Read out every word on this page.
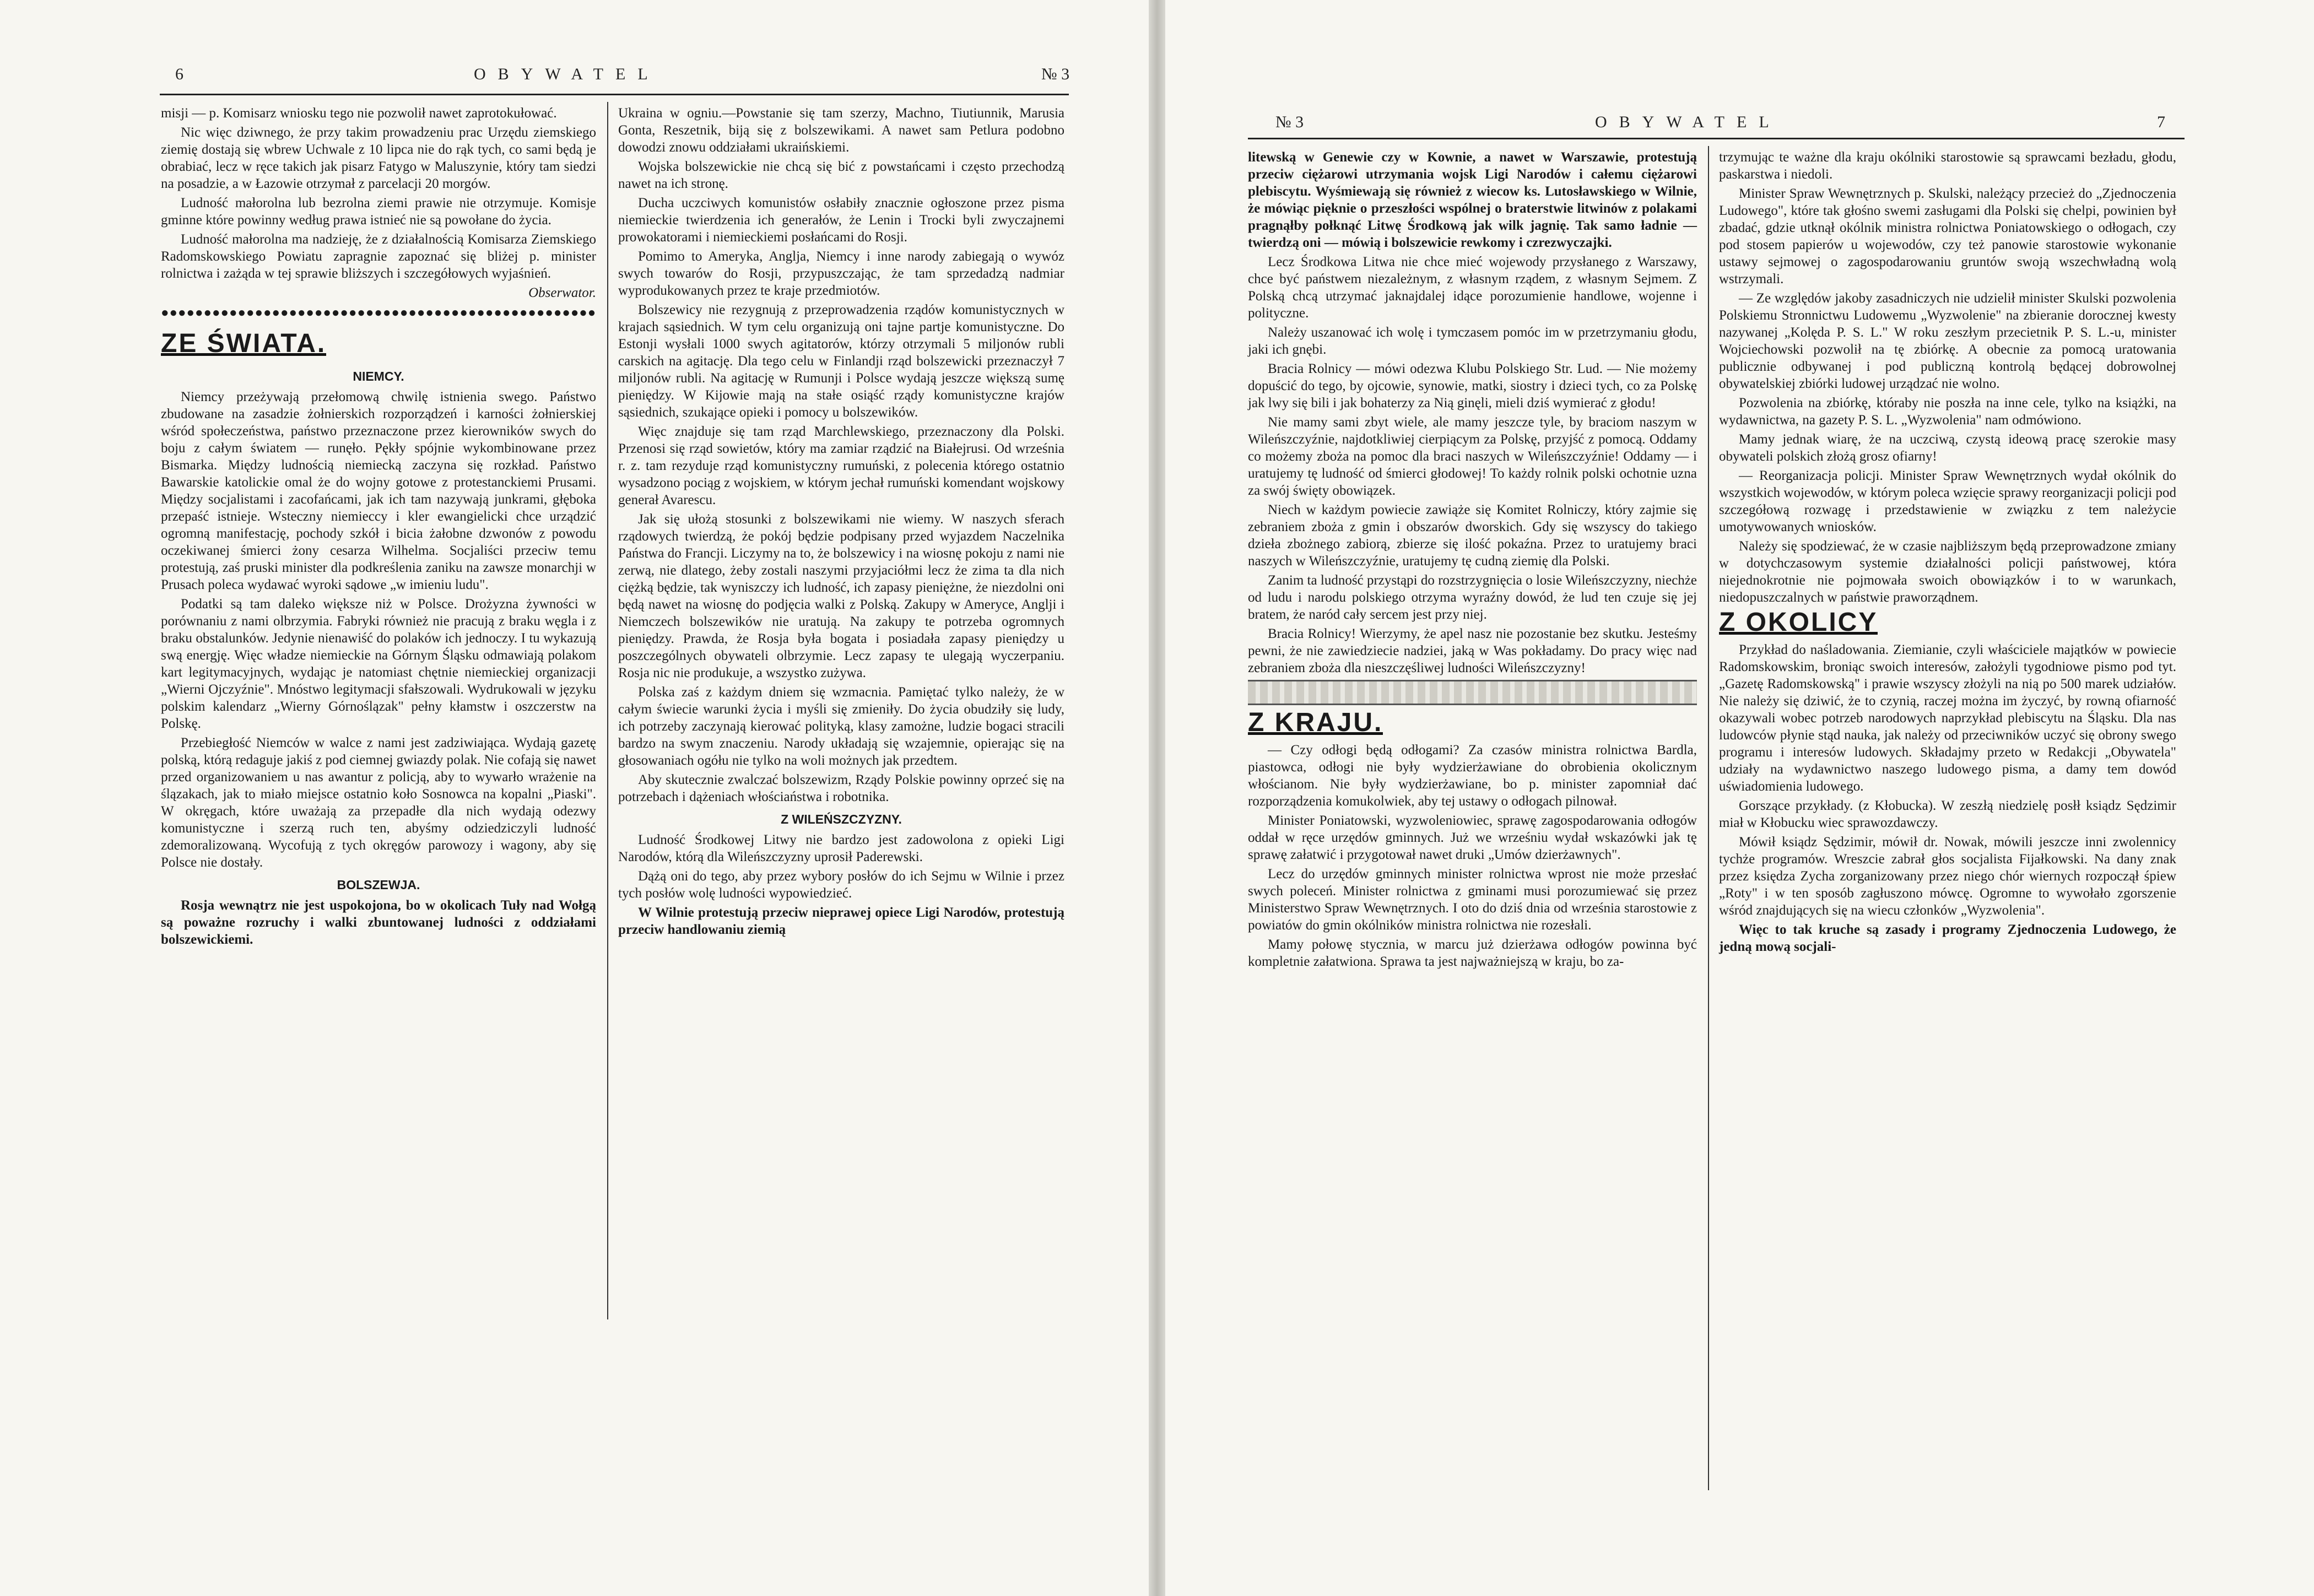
6	OBYWATEL	№ 3

misji — p. Komisarz wniosku tego nie pozwolił nawet zaprotokułować.

Nic więc dziwnego, że przy takim prowadzeniu prac Urzędu ziemskiego ziemię dostają się wbrew Uchwale z 10 lipca nie do rąk tych, co sami będą je obrabiać, lecz w ręce takich jak pisarz Fatygo w Maluszynie, który tam siedzi na posadzie, a w Łazowie otrzymał z parcelacji 20 morgów.

Ludność małorolna lub bezrolna ziemi prawie nie otrzymuje. Komisje gminne które powinny według prawa istnieć nie są powołane do życia.

Ludność małorolna ma nadzieję, że z działalnością Komisarza Ziemskiego Radomskowskiego Powiatu zapragnie zapoznać się bliżej p. minister rolnictwa i zażąda w tej sprawie bliższych i szczegółowych wyjaśnień.

Obserwator.
●●●●●●●●●●●●●●●●●●●●●●●●●●●●●●●●●●●●●●●●●●●●●●●●●●●
ZE ŚWIATA.
NIEMCY.

Niemcy przeżywają przełomową chwilę istnienia swego. Państwo zbudowane na zasadzie żołnierskich rozporządzeń i karności żołnierskiej wśród społeczeństwa, państwo przeznaczone przez kierowników swych do boju z całym światem — runęło. Pękły spójnie wykombinowane przez Bismarka. Między ludnością niemiecką zaczyna się rozkład. Państwo Bawarskie katolickie omal że do wojny gotowe z protestanckiemi Prusami. Między socjalistami i zacofańcami, jak ich tam nazywają junkrami, głęboka przepaść istnieje. Wsteczny niemieccy i kler ewangielicki chce urządzić ogromną manifestację, pochody szkół i bicia żałobne dzwonów z powodu oczekiwanej śmierci żony cesarza Wilhelma. Socjaliści przeciw temu protestują, zaś pruski minister dla podkreślenia zaniku na zawsze monarchji w Prusach poleca wydawać wyroki sądowe „w imieniu ludu".

Podatki są tam daleko większe niż w Polsce. Drożyzna żywności w porównaniu z nami olbrzymia. Fabryki również nie pracują z braku węgla i z braku obstalunków. Jedynie nienawiść do polaków ich jednoczy. I tu wykazują swą energję. Więc władze niemieckie na Górnym Śląsku odmawiają polakom kart legitymacyjnych, wydając je natomiast chętnie niemieckiej organizacji „Wierni Ojczyźnie". Mnóstwo legitymacji sfałszowali. Wydrukowali w języku polskim kalendarz „Wierny Górnoślązak" pełny kłamstw i oszczerstw na Polskę.

Przebiegłość Niemców w walce z nami jest zadziwiająca. Wydają gazetę polską, którą redaguje jakiś z pod ciemnej gwiazdy polak. Nie cofają się nawet przed organizowaniem u nas awantur z policją, aby to wywarło wrażenie na ślązakach, jak to miało miejsce ostatnio koło Sosnowca na kopalni „Piaski". W okręgach, które uważają za przepadłe dla nich wydają odezwy komunistyczne i szerzą ruch ten, abyśmy odziedziczyli ludność zdemoralizowaną. Wycofują z tych okręgów parowozy i wagony, aby się Polsce nie dostały.

BOLSZEWJA.

Rosja wewnątrz nie jest uspokojona, bo w okolicach Tuły nad Wołgą są poważne rozruchy i walki zbuntowanej ludności z oddziałami bolszewickiemi.

Ukraina w ogniu.—Powstanie się tam szerzy, Machno, Tiutiunnik, Marusia Gonta, Reszetnik, biją się z bolszewikami. A nawet sam Petlura podobno dowodzi znowu oddziałami ukraińskiemi.

Wojska bolszewickie nie chcą się bić z powstańcami i często przechodzą nawet na ich stronę.

Ducha uczciwych komunistów osłabiły znacznie ogłoszone przez pisma niemieckie twierdzenia ich generałów, że Lenin i Trocki byli zwyczajnemi prowokatorami i niemieckiemi posłańcami do Rosji.

Pomimo to Ameryka, Anglja, Niemcy i inne narody zabiegają o wywóz swych towarów do Rosji, przypuszczając, że tam sprzedadzą nadmiar wyprodukowanych przez te kraje przedmiotów.

Bolszewicy nie rezygnują z przeprowadzenia rządów komunistycznych w krajach sąsiednich. W tym celu organizują oni tajne partje komunistyczne. Do Estonji wysłali 1000 swych agitatorów, którzy otrzymali 5 miljonów rubli carskich na agitację. Dla tego celu w Finlandji rząd bolszewicki przeznaczył 7 miljonów rubli. Na agitację w Rumunji i Polsce wydają jeszcze większą sumę pieniędzy. W Kijowie mają na stałe osiąść rządy komunistyczne krajów sąsiednich, szukające opieki i pomocy u bolszewików.

Więc znajduje się tam rząd Marchlewskiego, przeznaczony dla Polski. Przenosi się rząd sowietów, który ma zamiar rządzić na Białejrusi. Od września r. z. tam rezyduje rząd komunistyczny rumuński, z polecenia którego ostatnio wysadzono pociąg z wojskiem, w którym jechał rumuński komendant wojskowy generał Avarescu.

Jak się ułożą stosunki z bolszewikami nie wiemy. W naszych sferach rządowych twierdzą, że pokój będzie podpisany przed wyjazdem Naczelnika Państwa do Francji. Liczymy na to, że bolszewicy i na wiosnę pokoju z nami nie zerwą, nie dlatego, żeby zostali naszymi przyjaciółmi lecz że zima ta dla nich ciężką będzie, tak wyniszczy ich ludność, ich zapasy pieniężne, że niezdolni oni będą nawet na wiosnę do podjęcia walki z Polską. Zakupy w Ameryce, Anglji i Niemczech bolszewików nie uratują. Na zakupy te potrzeba ogromnych pieniędzy. Prawda, że Rosja była bogata i posiadała zapasy pieniędzy u poszczególnych obywateli olbrzymie. Lecz zapasy te ulegają wyczerpaniu. Rosja nic nie produkuje, a wszystko zużywa.

Polska zaś z każdym dniem się wzmacnia. Pamiętać tylko należy, że w całym świecie warunki życia i myśli się zmieniły. Do życia obudziły się ludy, ich potrzeby zaczynają kierować polityką, klasy zamożne, ludzie bogaci stracili bardzo na swym znaczeniu. Narody układają się wzajemnie, opierając się na głosowaniach ogółu nie tylko na woli możnych jak przedtem.

Aby skutecznie zwalczać bolszewizm, Rządy Polskie powinny oprzeć się na potrzebach i dążeniach włościaństwa i robotnika.

Z WILEŃSZCZYZNY.

Ludność Środkowej Litwy nie bardzo jest zadowolona z opieki Ligi Narodów, którą dla Wileńszczyzny uprosił Paderewski.

Dążą oni do tego, aby przez wybory posłów do ich Sejmu w Wilnie i przez tych posłów wolę ludności wypowiedzieć.

W Wilnie protestują przeciw nieprawej opiece Ligi Narodów, protestują przeciw handlowaniu ziemią

№ 3	OBYWATEL	7

litewską w Genewie czy w Kownie, a nawet w Warszawie, protestują przeciw ciężarowi utrzymania wojsk Ligi Narodów i całemu ciężarowi plebiscytu. Wyśmiewają się również z wiecow ks. Lutosławskiego w Wilnie, że mówiąc pięknie o przeszłości wspólnej o braterstwie litwinów z polakami pragnąłby połknąć Litwę Środkową jak wilk jagnię. Tak samo ładnie — twierdzą oni — mówią i bolszewicie rewkomy i czrezwyczajki.

Lecz Środkowa Litwa nie chce mieć wojewody przysłanego z Warszawy, chce być państwem niezależnym, z własnym rządem, z własnym Sejmem. Z Polską chcą utrzymać jaknajdalej idące porozumienie handlowe, wojenne i polityczne.

Należy uszanować ich wolę i tymczasem pomóc im w przetrzymaniu głodu, jaki ich gnębi.

Bracia Rolnicy — mówi odezwa Klubu Polskiego Str. Lud. — Nie możemy dopuścić do tego, by ojcowie, synowie, matki, siostry i dzieci tych, co za Polskę jak lwy się bili i jak bohaterzy za Nią ginęli, mieli dziś wymierać z głodu!

Nie mamy sami zbyt wiele, ale mamy jeszcze tyle, by braciom naszym w Wileńszczyźnie, najdotkliwiej cierpiącym za Polskę, przyjść z pomocą. Oddamy co możemy zboża na pomoc dla braci naszych w Wileńszczyźnie! Oddamy — i uratujemy tę ludność od śmierci głodowej! To każdy rolnik polski ochotnie uzna za swój święty obowiązek.

Niech w każdym powiecie zawiąże się Komitet Rolniczy, który zajmie się zebraniem zboża z gmin i obszarów dworskich. Gdy się wszyscy do takiego dzieła zbożnego zabiorą, zbierze się ilość pokaźna. Przez to uratujemy braci naszych w Wileńszczyźnie, uratujemy tę cudną ziemię dla Polski.

Zanim ta ludność przystąpi do rozstrzygnięcia o losie Wileńszczyzny, niechże od ludu i narodu polskiego otrzyma wyraźny dowód, że lud ten czuje się jej bratem, że naród cały sercem jest przy niej.

Bracia Rolnicy! Wierzymy, że apel nasz nie pozostanie bez skutku. Jesteśmy pewni, że nie zawiedziecie nadziei, jaką w Was pokładamy. Do pracy więc nad zebraniem zboża dla nieszczęśliwej ludności Wileńszczyzny!

Z KRAJU.

— Czy odłogi będą odłogami? Za czasów ministra rolnictwa Bardla, piastowca, odłogi nie były wydzierżawiane do obrobienia okolicznym włościanom. Nie były wydzierżawiane, bo p. minister zapomniał dać rozporządzenia komukolwiek, aby tej ustawy o odłogach pilnował.

Minister Poniatowski, wyzwoleniowiec, sprawę zagospodarowania odłogów oddał w ręce urzędów gminnych. Już we wrześniu wydał wskazówki jak tę sprawę załatwić i przygotował nawet druki „Umów dzierżawnych".

Lecz do urzędów gminnych minister rolnictwa wprost nie może przesłać swych poleceń. Minister rolnictwa z gminami musi porozumiewać się przez Ministerstwo Spraw Wewnętrznych. I oto do dziś dnia od września starostowie z powiatów do gmin okólników ministra rolnictwa nie rozesłali.

Mamy połowę stycznia, w marcu już dzierżawa odłogów powinna być kompletnie załatwiona. Sprawa ta jest najważniejszą w kraju, bo za-

trzymując te ważne dla kraju okólniki starostowie są sprawcami bezładu, głodu, paskarstwa i niedoli.

Minister Spraw Wewnętrznych p. Skulski, należący przecież do „Zjednoczenia Ludowego", które tak głośno swemi zasługami dla Polski się chelpi, powinien był zbadać, gdzie utknął okólnik ministra rolnictwa Poniatowskiego o odłogach, czy pod stosem papierów u wojewodów, czy też panowie starostowie wykonanie ustawy sejmowej o zagospodarowaniu gruntów swoją wszechwładną wolą wstrzymali.

— Ze względów jakoby zasadniczych nie udzielił minister Skulski pozwolenia Polskiemu Stronnictwu Ludowemu „Wyzwolenie" na zbieranie dorocznej kwesty nazywanej „Kolęda P. S. L." W roku zeszłym przecietnik P. S. L.-u, minister Wojciechowski pozwolił na tę zbiórkę. A obecnie za pomocą uratowania publicznie odbywanej i pod publiczną kontrolą będącej dobrowolnej obywatelskiej zbiórki ludowej urządzać nie wolno.

Pozwolenia na zbiórkę, któraby nie poszła na inne cele, tylko na książki, na wydawnictwa, na gazety P. S. L. „Wyzwolenia" nam odmówiono.

Mamy jednak wiarę, że na uczciwą, czystą ideową pracę szerokie masy obywateli polskich złożą grosz ofiarny!

— Reorganizacja policji. Minister Spraw Wewnętrznych wydał okólnik do wszystkich wojewodów, w którym poleca wzięcie sprawy reorganizacji policji pod szczegółową rozwagę i przedstawienie w związku z tem należycie umotywowanych wniosków.

Należy się spodziewać, że w czasie najbliższym będą przeprowadzone zmiany w dotychczasowym systemie działalności policji państwowej, która niejednokrotnie nie pojmowała swoich obowiązków i to w warunkach, niedopuszczalnych w państwie praworządnem.

Z OKOLICY

Przykład do naśladowania. Ziemianie, czyli właściciele majątków w powiecie Radomskowskim, broniąc swoich interesów, założyli tygodniowe pismo pod tyt. „Gazetę Radomskowską" i prawie wszyscy złożyli na nią po 500 marek udziałów. Nie należy się dziwić, że to czynią, raczej można im życzyć, by rowną ofiarność okazywali wobec potrzeb narodowych naprzykład plebiscytu na Śląsku. Dla nas ludowców płynie stąd nauka, jak należy od przeciwników uczyć się obrony swego programu i interesów ludowych. Składajmy przeto w Redakcji „Obywatela" udziały na wydawnictwo naszego ludowego pisma, a damy tem dowód uświadomienia ludowego.

Gorszące przykłady. (z Kłobucka). W zeszłą niedzielę posłł ksiądz Sędzimir miał w Kłobucku wiec sprawozdawczy.

Mówił ksiądz Sędzimir, mówił dr. Nowak, mówili jeszcze inni zwolennicy tychże programów. Wreszcie zabrał głos socjalista Fijałkowski. Na dany znak przez księdza Zycha zorganizowany przez niego chór wiernych rozpoczął śpiew „Roty" i w ten sposób zagłuszono mówcę. Ogromne to wywołało zgorszenie wśród znajdujących się na wiecu członków „Wyzwolenia".

Więc to tak kruche są zasady i programy Zjednoczenia Ludowego, że jedną mową socjali-
